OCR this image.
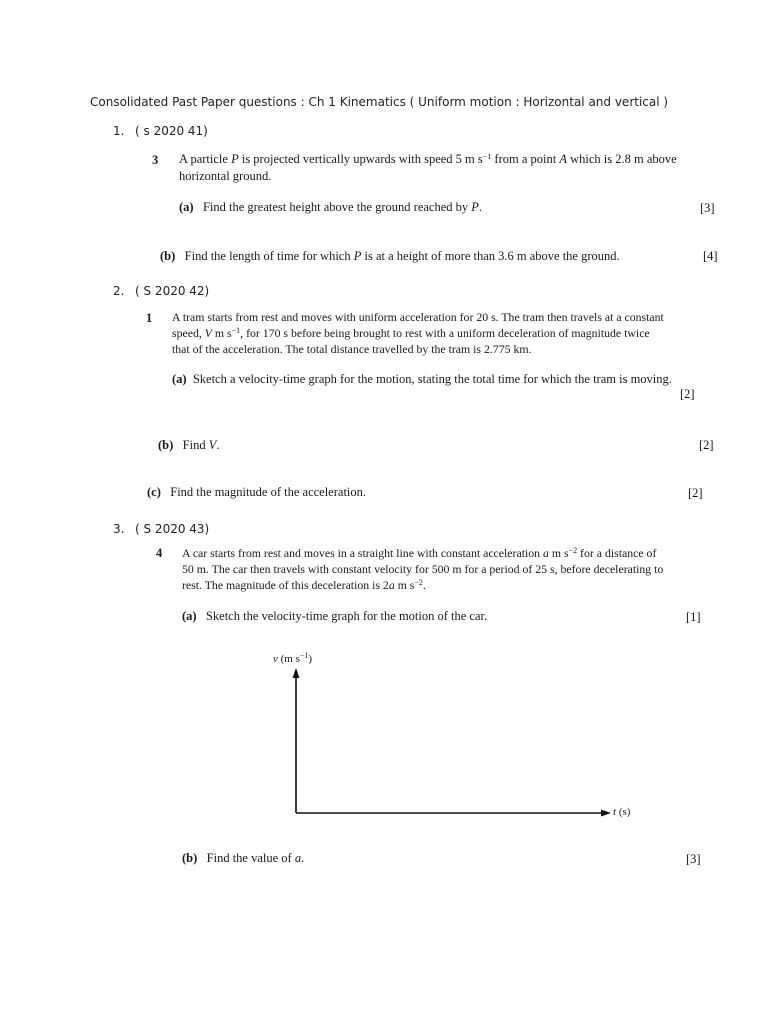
Consolidated Past Paper questions : Ch 1 Kinematics ( Uniform motion : Horizontal and vertical )
1. ( s 2020 41)
3 A particle P is projected vertically upwards with speed 5 m $s^{-1}$ from a point A which is 2.8 m above
horizontal ground.
(a) Find the greatest height above the ground reached by P.	[3]
(b) Find the length of time for which P is at a height of more than 3.6 m above the ground.	[4]
2. ( S 2020 42)
1 A tram starts from rest and moves with uniform acceleration for 20 s. The tram then travels at a constant
speed, V m $s^{-1}$, for 170 s before being brought to rest with a uniform deceleration of magnitude twice
that of the acceleration. The total distance travelled by the tram is 2.775 km.
(a) Sketch a velocity-time graph for the motion, stating the total time for which the tram is moving.
[2]
(b) Find V.	[2]
(c) Find the magnitude of the acceleration.	[2]
3. ( S 2020 43)
4 A car starts from rest and moves in a straight line with constant acceleration a m $s^{-2}$ for a distance of
50 m. The car then travels with constant velocity for 500 m for a period of 25 s, before decelerating to
rest. The magnitude of this deceleration is 2a m $s^{-2}$.
(a) Sketch the velocity-time graph for the motion of the car.	[1]
v (m $s^{-1}$)
t (s)
(b) Find the value of a.	[3]
